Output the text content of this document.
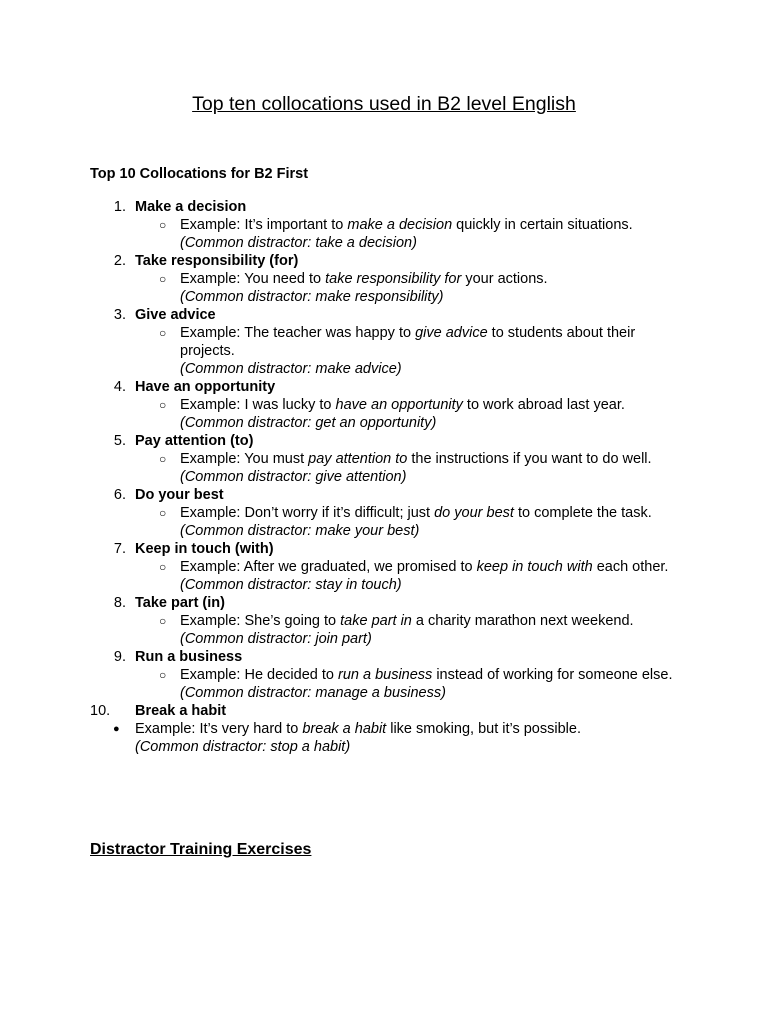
Top ten collocations used in B2 level English
Top 10 Collocations for B2 First
1. Make a decision
○ Example: It’s important to make a decision quickly in certain situations.
(Common distractor: take a decision)
2. Take responsibility (for)
○ Example: You need to take responsibility for your actions.
(Common distractor: make responsibility)
3. Give advice
○ Example: The teacher was happy to give advice to students about their projects.
(Common distractor: make advice)
4. Have an opportunity
○ Example: I was lucky to have an opportunity to work abroad last year.
(Common distractor: get an opportunity)
5. Pay attention (to)
○ Example: You must pay attention to the instructions if you want to do well.
(Common distractor: give attention)
6. Do your best
○ Example: Don’t worry if it’s difficult; just do your best to complete the task.
(Common distractor: make your best)
7. Keep in touch (with)
○ Example: After we graduated, we promised to keep in touch with each other.
(Common distractor: stay in touch)
8. Take part (in)
○ Example: She’s going to take part in a charity marathon next weekend.
(Common distractor: join part)
9. Run a business
○ Example: He decided to run a business instead of working for someone else.
(Common distractor: manage a business)
10.	Break a habit
● Example: It’s very hard to break a habit like smoking, but it’s possible.
(Common distractor: stop a habit)
Distractor Training Exercises
